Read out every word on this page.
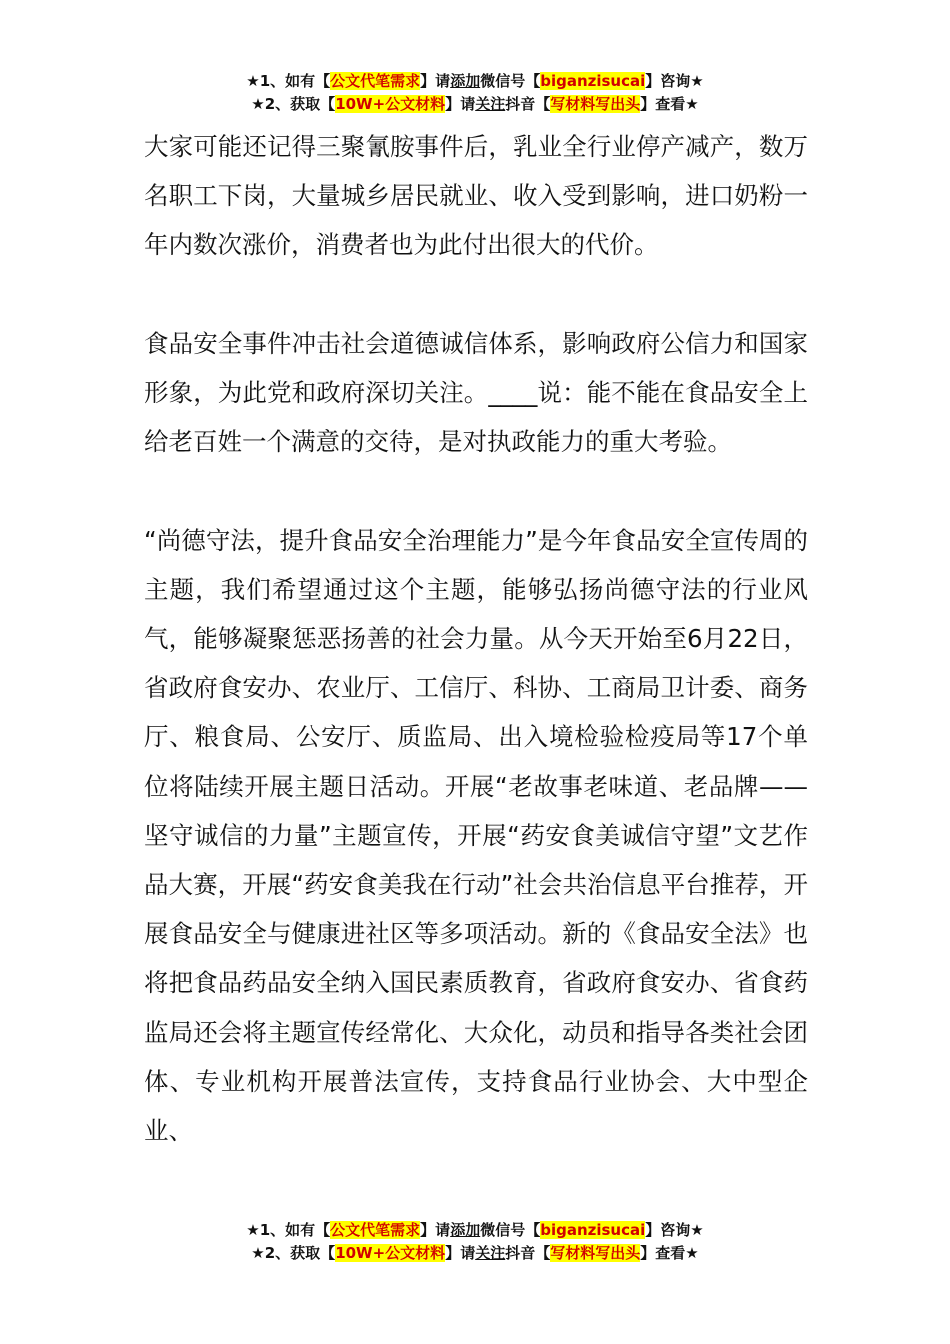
★1、如有【公文代笔需求】请添加微信号【biganzisucai】咨询★
★2、获取【10W+公文材料】请关注抖音【写材料写出头】查看★

大家可能还记得三聚氰胺事件后，乳业全行业停产减产，数万名职工下岗，大量城乡居民就业、收入受到影响，进口奶粉一年内数次涨价，消费者也为此付出很大的代价。

食品安全事件冲击社会道德诚信体系，影响政府公信力和国家形象，为此党和政府深切关注。____说：能不能在食品安全上给老百姓一个满意的交待，是对执政能力的重大考验。

“尚德守法，提升食品安全治理能力”是今年食品安全宣传周的主题，我们希望通过这个主题，能够弘扬尚德守法的行业风气，能够凝聚惩恶扬善的社会力量。从今天开始至6月22日，省政府食安办、农业厅、工信厅、科协、工商局卫计委、商务厅、粮食局、公安厅、质监局、出入境检验检疫局等17个单位将陆续开展主题日活动。开展“老故事老味道、老品牌——坚守诚信的力量”主题宣传，开展“药安食美诚信守望”文艺作品大赛，开展“药安食美我在行动”社会共治信息平台推荐，开展食品安全与健康进社区等多项活动。新的《食品安全法》也将把食品药品安全纳入国民素质教育，省政府食安办、省食药监局还会将主题宣传经常化、大众化，动员和指导各类社会团体、专业机构开展普法宣传，支持食品行业协会、大中型企业、

★1、如有【公文代笔需求】请添加微信号【biganzisucai】咨询★
★2、获取【10W+公文材料】请关注抖音【写材料写出头】查看★
